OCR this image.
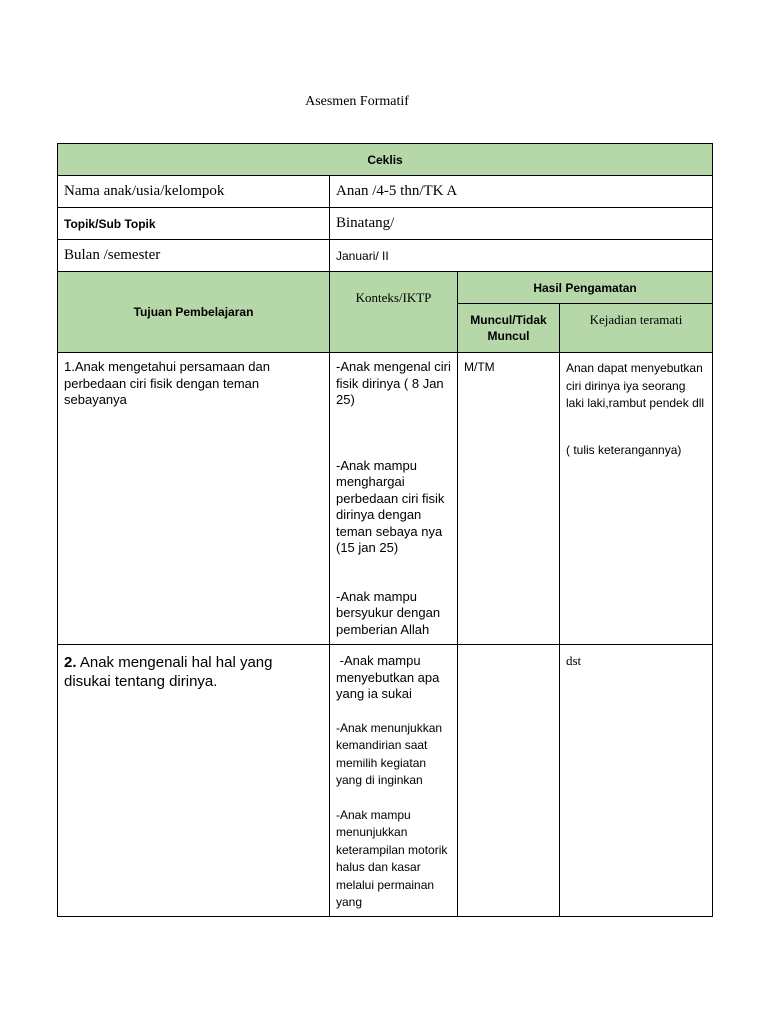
Asesmen Formatif
Ceklis			
Nama anak/usia/kelompok	Anan /4-5 thn/TK A		
Topik/Sub Topik	Binatang/		
Bulan /semester	Januari/ II		
Tujuan Pembelajaran	Konteks/IKTP	Hasil Pengamatan	
		Muncul/Tidak Muncul	Kejadian teramati
1.Anak mengetahui persamaan dan perbedaan ciri fisik dengan teman sebayanya	-Anak mengenal ciri fisik dirinya ( 8 Jan 25)
-Anak mampu menghargai perbedaan ciri fisik dirinya dengan teman sebaya nya (15 jan 25)
-Anak mampu bersyukur dengan pemberian Allah	M/TM	Anan dapat menyebutkan ciri dirinya iya seorang laki laki,rambut pendek dll
( tulis keterangannya)

2. Anak mengenali hal hal yang disukai tentang dirinya.	-Anak mampu menyebutkan apa yang ia sukai
-Anak menunjukkan kemandirian saat memilih kegiatan yang di inginkan
-Anak mampu menunjukkan keterampilan motorik halus dan kasar melalui permainan yang		dst
